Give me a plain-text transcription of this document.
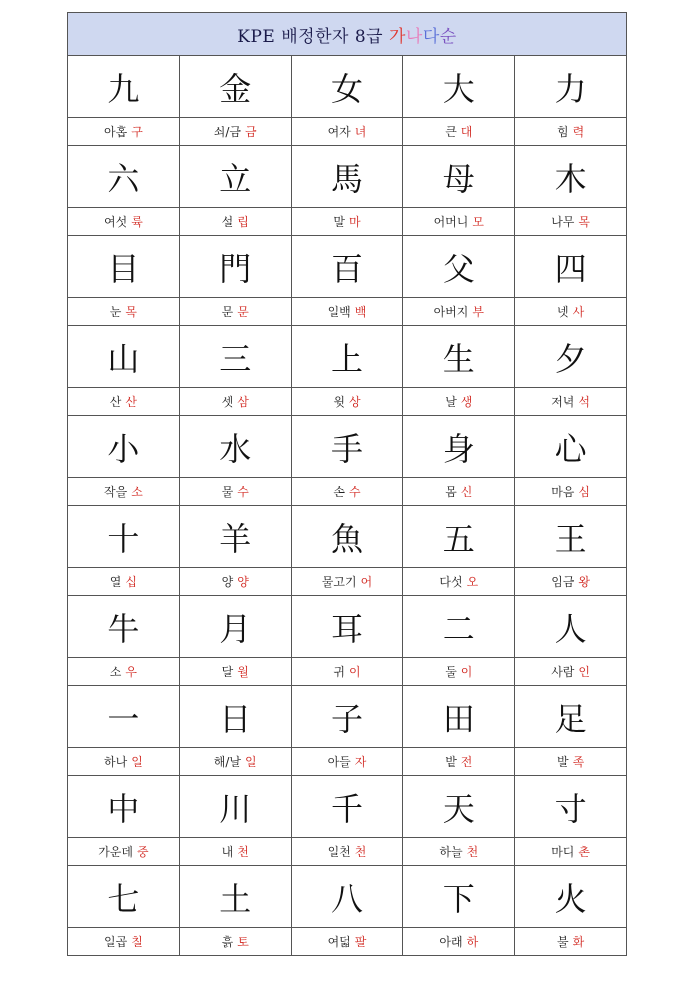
KPE 배정한자 8급 가나다순				
九	金	女	大	力
아홉 구	쇠/금 금	여자 녀	큰 대	힘 력
六	立	馬	母	木
여섯 륙	설 립	말 마	어머니 모	나무 목
目	門	百	父	四
눈 목	문 문	일백 백	아버지 부	넷 사
山	三	上	生	夕
산 산	셋 삼	윗 상	날 생	저녁 석
小	水	手	身	心
작을 소	물 수	손 수	몸 신	마음 심
十	羊	魚	五	王
열 십	양 양	물고기 어	다섯 오	임금 왕
牛	月	耳	二	人
소 우	달 월	귀 이	둘 이	사람 인
一	日	子	田	足
하나 일	해/날 일	아들 자	밭 전	발 족
中	川	千	天	寸
가운데 중	내 천	일천 천	하늘 천	마디 촌
七	土	八	下	火
일곱 칠	흙 토	여덟 팔	아래 하	불 화
